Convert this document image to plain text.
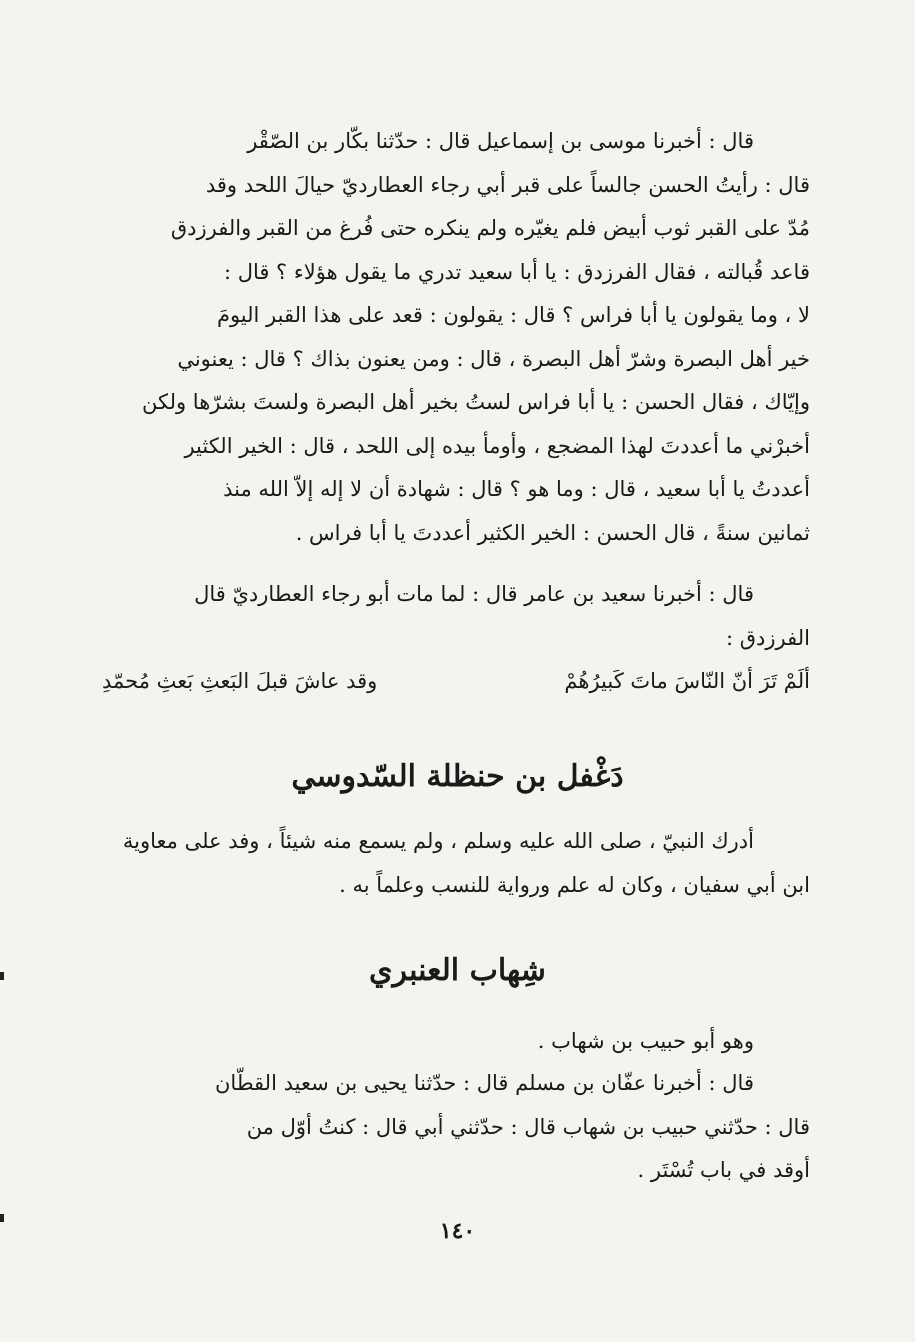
قال : أخبرنا موسى بن إسماعيل قال : حدّثنا بكّار بن الصّقْر

قال : رأيتُ الحسن جالساً على قبر أبي رجاء العطارديّ حيالَ اللحد وقد
مُدّ على القبر ثوب أبيض فلم يغيّره ولم ينكره حتى فُرغ من القبر والفرزدق
قاعد قُبالته ، فقال الفرزدق : يا أبا سعيد تدري ما يقول هؤلاء ؟ قال :
لا ، وما يقولون يا أبا فراس ؟ قال : يقولون : قعد على هذا القبر اليومَ
خير أهل البصرة وشرّ أهل البصرة ، قال : ومن يعنون بذاك ؟ قال : يعنوني
وإيّاك ، فقال الحسن : يا أبا فراس لستُ بخير أهل البصرة ولستَ بشرّها ولكن
أخبرْني ما أعددتَ لهذا المضجع ، وأومأ بيده إلى اللحد ، قال : الخير الكثير
أعددتُ يا أبا سعيد ، قال : وما هو ؟ قال : شهادة أن لا إله إلاّ الله منذ
ثمانين سنةً ، قال الحسن : الخير الكثير أعددتَ يا أبا فراس .

قال : أخبرنا سعيد بن عامر قال : لما مات أبو رجاء العطارديّ قال

الفرزدق :

ألَمْ تَرَ أنّ النّاسَ ماتَ كَبيرُهُمْ
وقد عاشَ قبلَ البَعثِ بَعثِ مُحمّدِ
دَغْفل بن حنظلة السّدوسي

أدرك النبيّ ، صلى الله عليه وسلم ، ولم يسمع منه شيئاً ، وفد على معاوية
ابن أبي سفيان ، وكان له علم ورواية للنسب وعلماً به .

شِهاب العنبري

وهو أبو حبيب بن شهاب .

قال : أخبرنا عفّان بن مسلم قال : حدّثنا يحيى بن سعيد القطّان

قال : حدّثني حبيب بن شهاب قال : حدّثني أبي قال : كنتُ أوّل من
أوقد في باب تُسْتَر .

١٤٠
